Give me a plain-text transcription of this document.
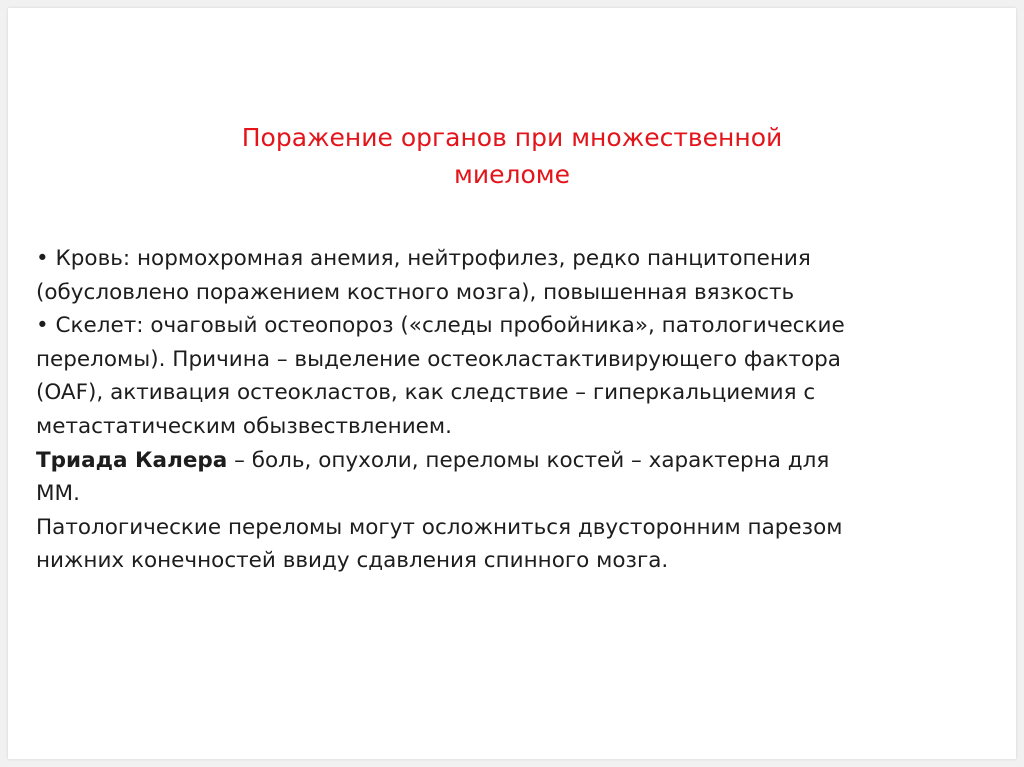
Поражение органов при множественной
миеломе
• Кровь: нормохромная анемия, нейтрофилез, редко панцитопения
(обусловлено поражением костного мозга), повышенная вязкость
• Скелет: очаговый остеопороз («следы пробойника», патологические
переломы). Причина – выделение остеокластактивирующего фактора
(OAF), активация остеокластов, как следствие – гиперкальциемия с
метастатическим обызвествлением.
Триада Калера – боль, опухоли, переломы костей – характерна для
ММ.
Патологические переломы могут осложниться двусторонним парезом
нижних конечностей ввиду сдавления спинного мозга.
